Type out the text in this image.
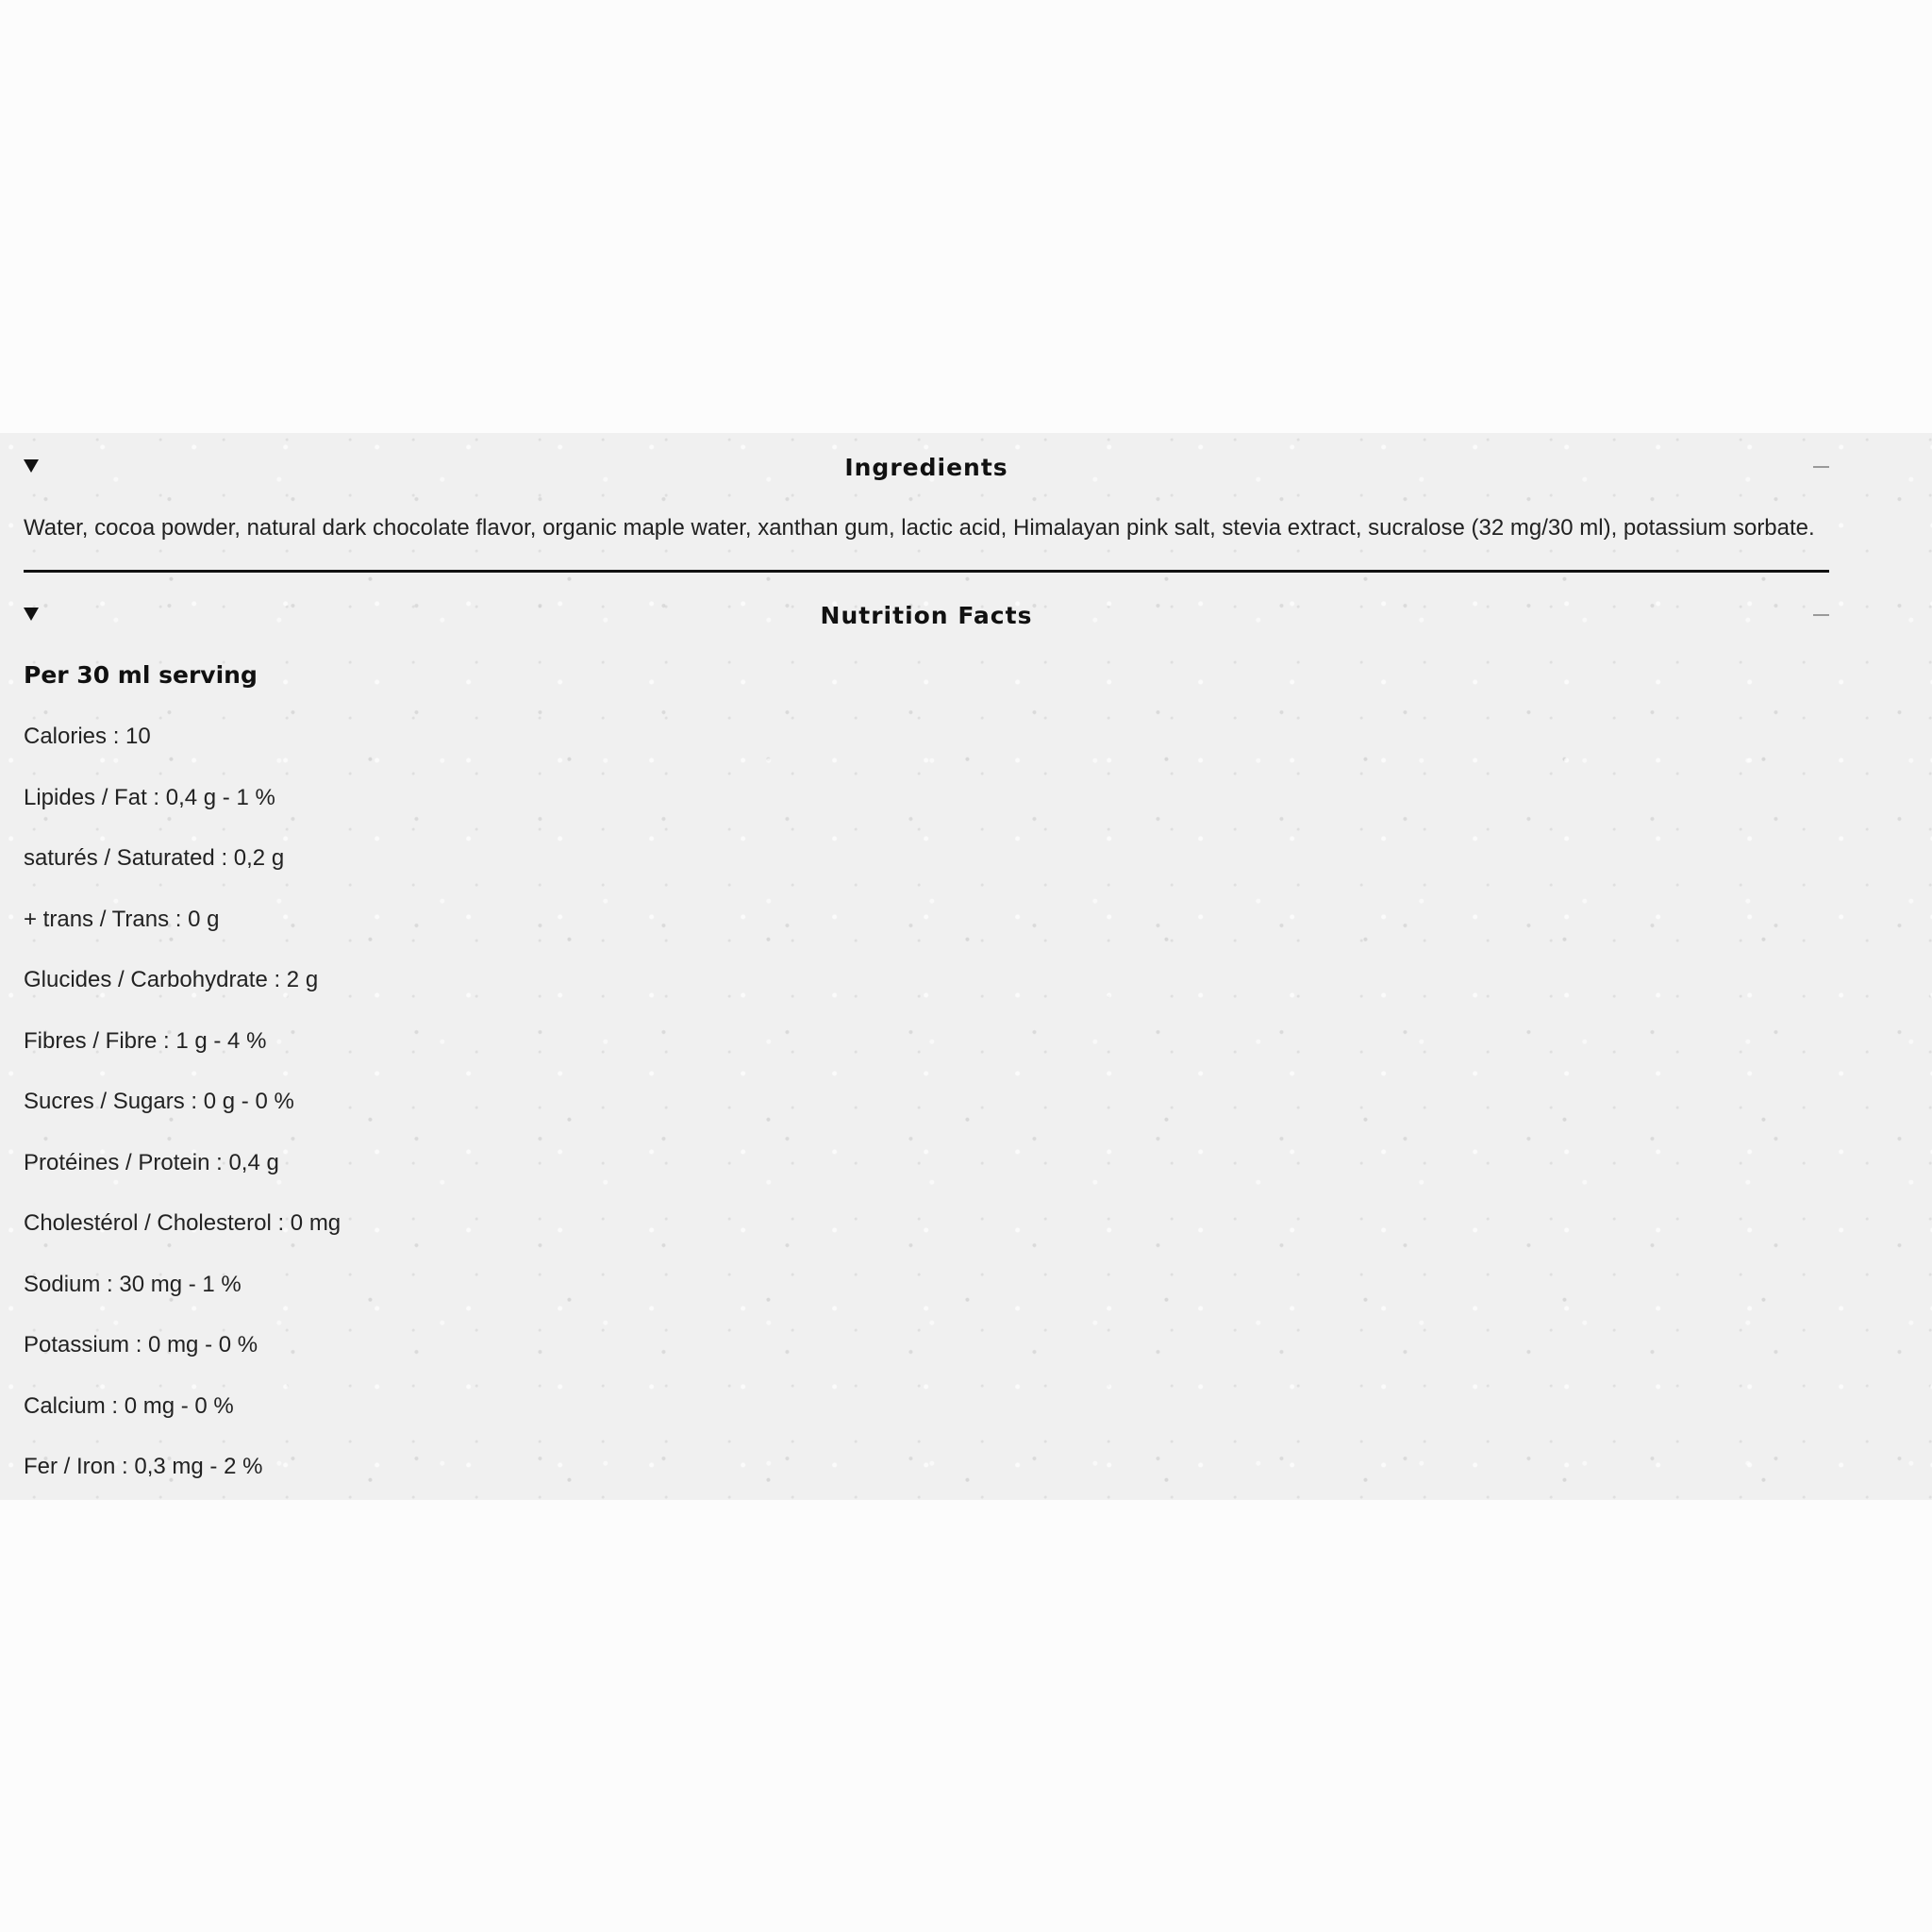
Ingredients
Water, cocoa powder, natural dark chocolate flavor, organic maple water, xanthan gum, lactic acid, Himalayan pink salt, stevia extract, sucralose (32 mg/30 ml), potassium sorbate.
Nutrition Facts
Per 30 ml serving
Calories : 10
Lipides / Fat : 0,4 g - 1 %
saturés / Saturated : 0,2 g
+ trans / Trans : 0 g
Glucides / Carbohydrate : 2 g
Fibres / Fibre : 1 g - 4 %
Sucres / Sugars : 0 g - 0 %
Protéines / Protein : 0,4 g
Cholestérol / Cholesterol : 0 mg
Sodium : 30 mg - 1 %
Potassium : 0 mg - 0 %
Calcium : 0 mg - 0 %
Fer / Iron : 0,3 mg - 2 %
